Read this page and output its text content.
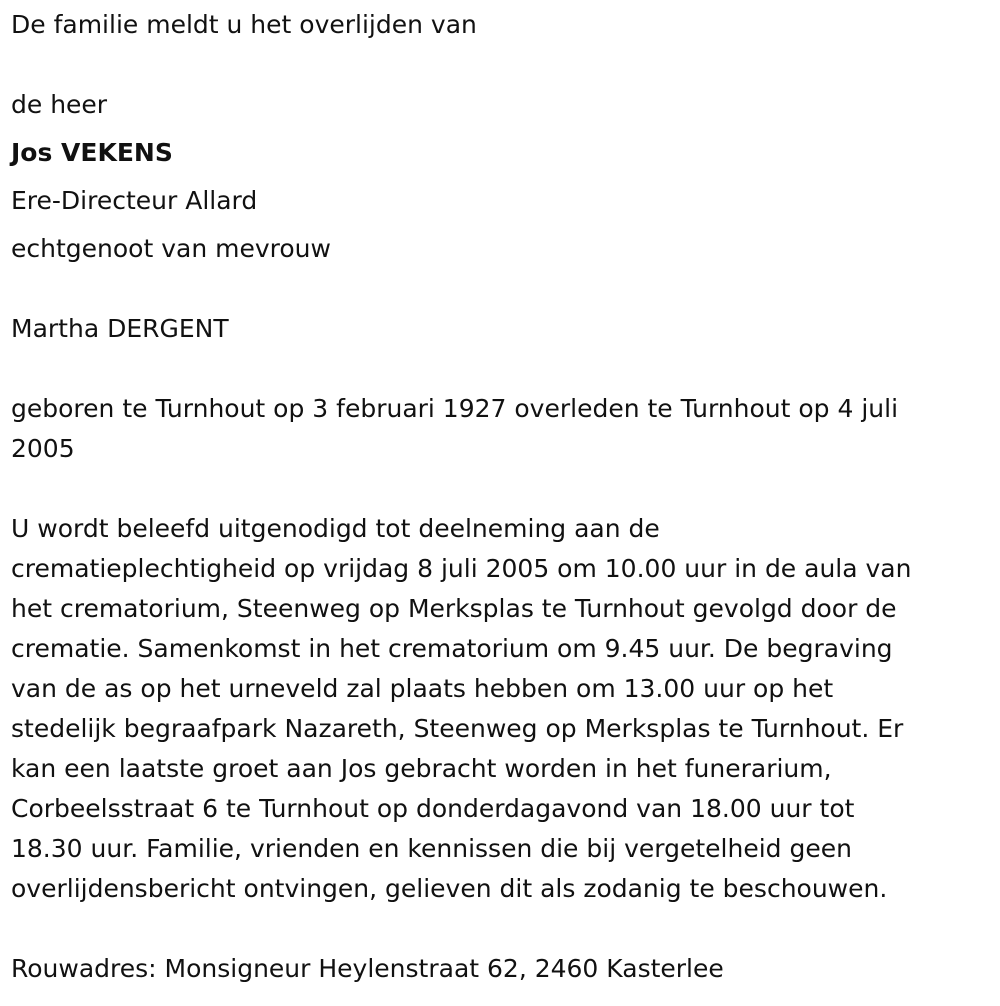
De familie meldt u het overlijden van
de heer
Jos VEKENS
Ere-Directeur Allard
echtgenoot van mevrouw
Martha DERGENT
geboren te Turnhout op 3 februari 1927 overleden te Turnhout op 4 juli
2005
U wordt beleefd uitgenodigd tot deelneming aan de
crematieplechtigheid op vrijdag 8 juli 2005 om 10.00 uur in de aula van
het crematorium, Steenweg op Merksplas te Turnhout gevolgd door de
crematie. Samenkomst in het crematorium om 9.45 uur. De begraving
van de as op het urneveld zal plaats hebben om 13.00 uur op het
stedelijk begraafpark Nazareth, Steenweg op Merksplas te Turnhout. Er
kan een laatste groet aan Jos gebracht worden in het funerarium,
Corbeelsstraat 6 te Turnhout op donderdagavond van 18.00 uur tot
18.30 uur. Familie, vrienden en kennissen die bij vergetelheid geen
overlijdensbericht ontvingen, gelieven dit als zodanig te beschouwen.
Rouwadres: Monsigneur Heylenstraat 62, 2460 Kasterlee
